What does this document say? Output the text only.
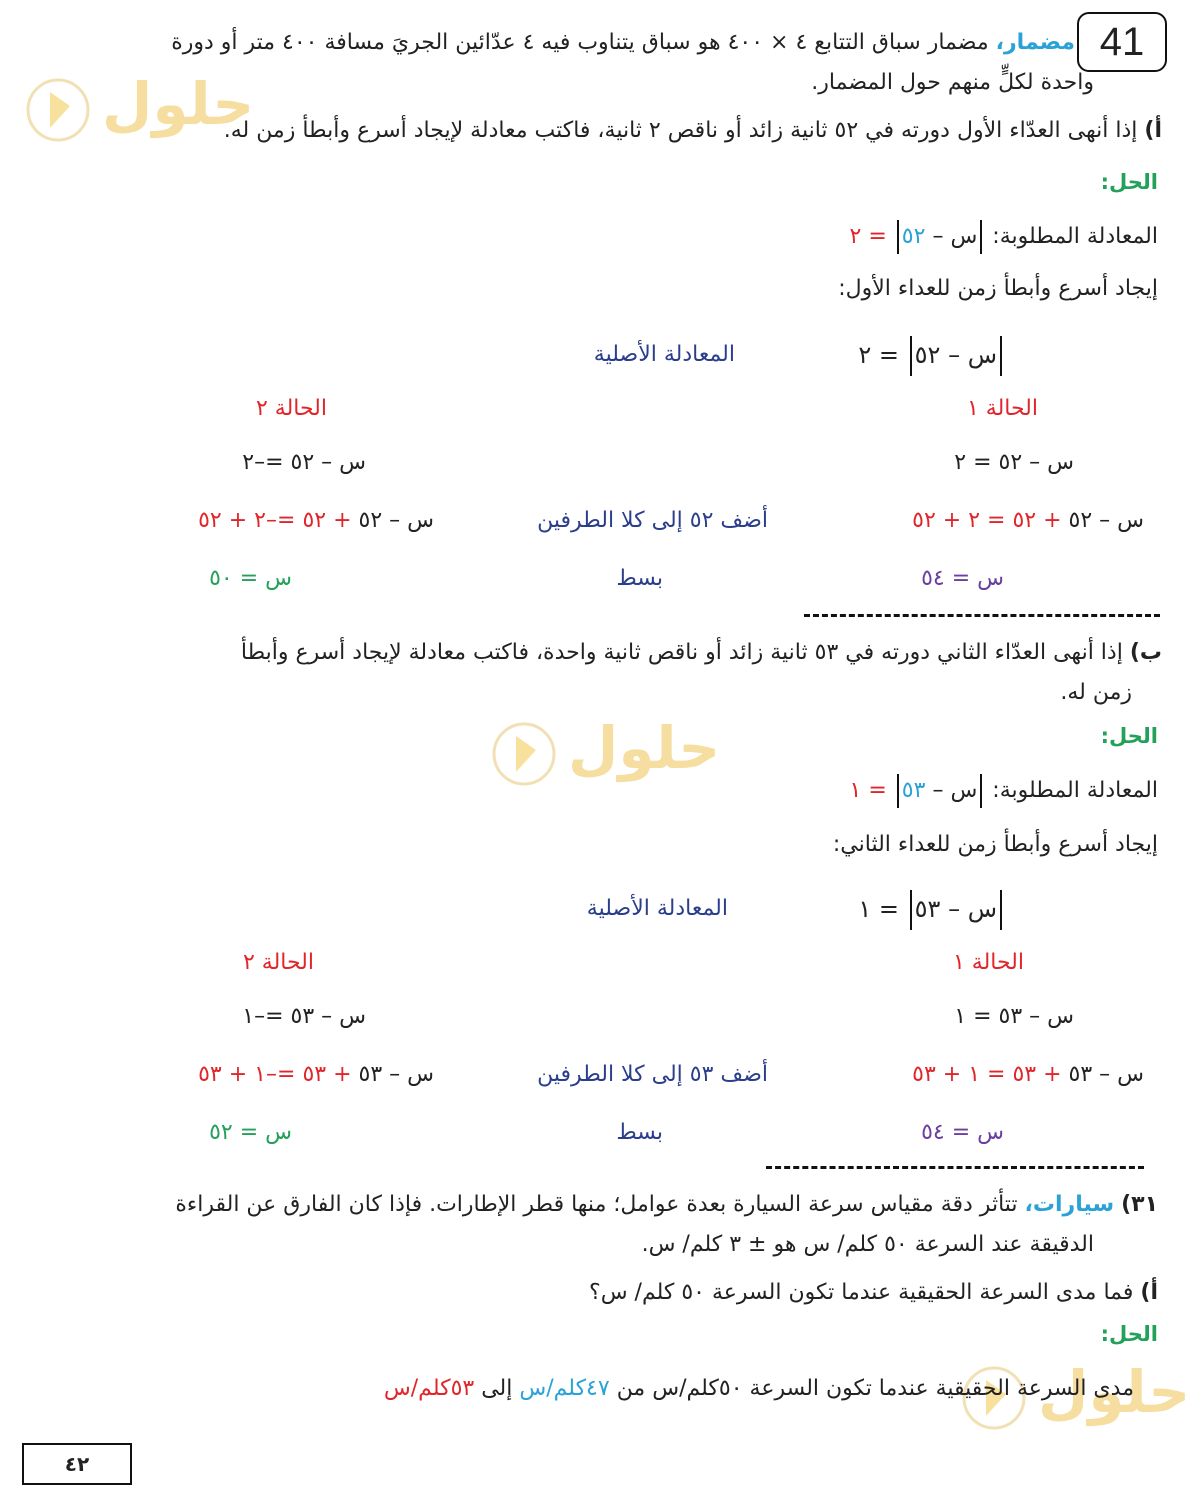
41
حلول
حلول
حلول
مضمار، مضمار سباق التتابع ٤ × ٤٠٠ هو سباق يتناوب فيه ٤ عدّائين الجريَ مسافة ٤٠٠ متر أو دورة
واحدة لكلٍّ منهم حول المضمار.
أ) إذا أنهى العدّاء الأول دورته في ٥٢ ثانية زائد أو ناقص ٢ ثانية، فاكتب معادلة لإيجاد أسرع وأبطأ زمن له.
الحل:
المعادلة المطلوبة: س – ٥٢ = ٢
إيجاد أسرع وأبطأ زمن للعداء الأول:
س – ٥٢ = ٢
المعادلة الأصلية
الحالة ١
الحالة ٢
س – ٥٢ = ٢
س – ٥٢ =–٢
س – ٥٢ + ٥٢ = ٢ + ٥٢
أضف ٥٢ إلى كلا الطرفين
س – ٥٢ + ٥٢ =–٢ + ٥٢
س = ٥٤
بسط
س = ٥٠
ب) إذا أنهى العدّاء الثاني دورته في ٥٣ ثانية زائد أو ناقص ثانية واحدة، فاكتب معادلة لإيجاد أسرع وأبطأ
زمن له.
الحل:
المعادلة المطلوبة: س – ٥٣ = ١
إيجاد أسرع وأبطأ زمن للعداء الثاني:
س – ٥٣ = ١
المعادلة الأصلية
الحالة ١
الحالة ٢
س – ٥٣ = ١
س – ٥٣ =–١
س – ٥٣ + ٥٣ = ١ + ٥٣
أضف ٥٣ إلى كلا الطرفين
س – ٥٣ + ٥٣ =–١ + ٥٣
س = ٥٤
بسط
س = ٥٢
٣١) سيارات، تتأثر دقة مقياس سرعة السيارة بعدة عوامل؛ منها قطر الإطارات. فإذا كان الفارق عن القراءة
الدقيقة عند السرعة ٥٠ كلم/ س هو ± ٣ كلم/ س.
أ) فما مدى السرعة الحقيقية عندما تكون السرعة ٥٠ كلم/ س؟
الحل:
مدى السرعة الحقيقية عندما تكون السرعة ٥٠كلم/س من ٤٧كلم/س إلى ٥٣كلم/س
٤٢
